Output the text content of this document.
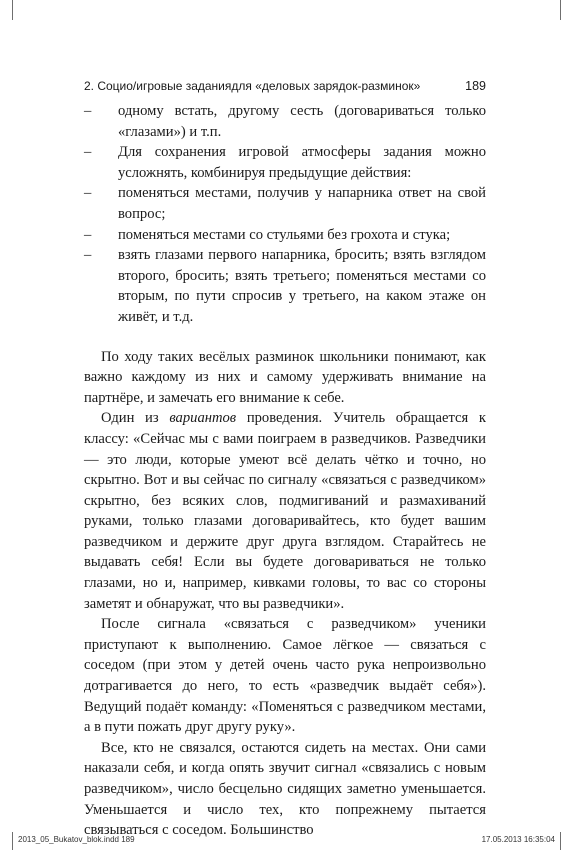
2. Социо/игровые заданиядля «деловых зарядок-разминок»	189

– одному встать, другому сесть (договариваться только «глазами») и т.п.

– Для сохранения игровой атмосферы задания можно усложнять, комбинируя предыдущие действия:

– поменяться местами, получив у напарника ответ на свой вопрос;

– поменяться местами со стульями без грохота и стука;

– взять глазами первого напарника, бросить; взять взглядом второго, бросить; взять третьего; поменяться местами со вторым, по пути спросив у третьего, на каком этаже он живёт, и т.д.

По ходу таких весёлых разминок школьники понимают, как важно каждому из них и самому удерживать внимание на партнёре, и замечать его внимание к себе.

Один из вариантов проведения. Учитель обращается к классу: «Сейчас мы с вами поиграем в разведчиков. Разведчики — это люди, которые умеют всё делать чётко и точно, но скрытно. Вот и вы сейчас по сигналу «связаться с разведчиком» скрытно, без всяких слов, подмигиваний и размахиваний руками, только глазами договаривайтесь, кто будет вашим разведчиком и держите друг друга взглядом. Старайтесь не выдавать себя! Если вы будете договариваться не только глазами, но и, например, кивками головы, то вас со стороны заметят и обнаружат, что вы разведчики».

После сигнала «связаться с разведчиком» ученики приступают к выполнению. Самое лёгкое — связаться с соседом (при этом у детей очень часто рука непроизвольно дотрагивается до него, то есть «разведчик выдаёт себя»). Ведущий подаёт команду: «Поменяться с разведчиком местами, а в пути пожать друг другу руку».

Все, кто не связался, остаются сидеть на местах. Они сами наказали себя, и когда опять звучит сигнал «связались с новым разведчиком», число бесцельно сидящих заметно уменьшается. Уменьшается и число тех, кто попрежнему пытается связываться с соседом. Большинство

2013_05_Bukatov_blok.indd 189	17.05.2013 16:35:04
